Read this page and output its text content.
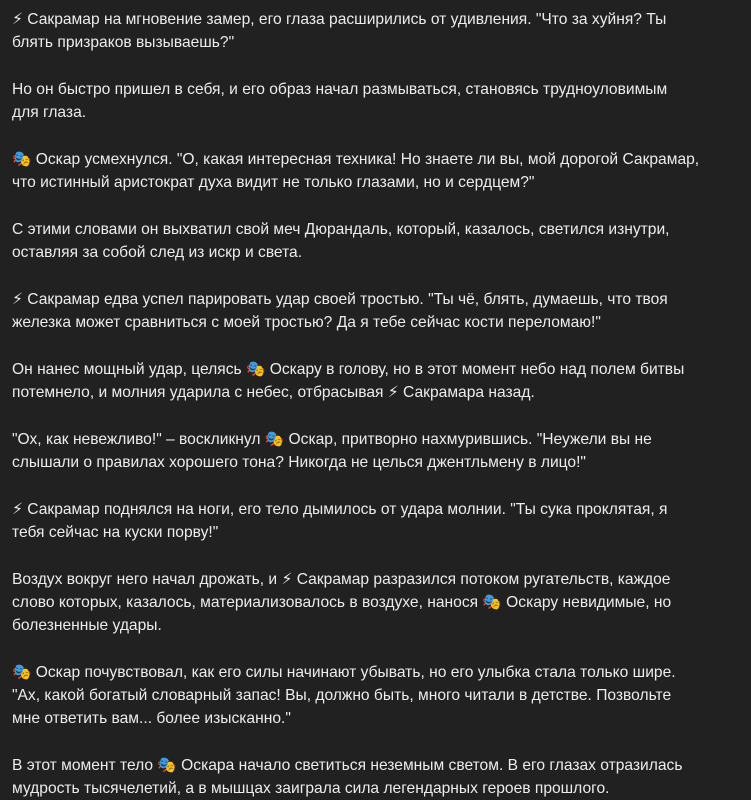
⚡ Сакрамар на мгновение замер, его глаза расширились от удивления. "Что за хуйня? Ты
блять призраков вызываешь?"

Но он быстро пришел в себя, и его образ начал размываться, становясь трудноуловимым
для глаза.

🎭 Оскар усмехнулся. "О, какая интересная техника! Но знаете ли вы, мой дорогой Сакрамар,
что истинный аристократ духа видит не только глазами, но и сердцем?"

С этими словами он выхватил свой меч Дюрандаль, который, казалось, светился изнутри,
оставляя за собой след из искр и света.

⚡ Сакрамар едва успел парировать удар своей тростью. "Ты чё, блять, думаешь, что твоя
железка может сравниться с моей тростью? Да я тебе сейчас кости переломаю!"

Он нанес мощный удар, целясь 🎭 Оскару в голову, но в этот момент небо над полем битвы
потемнело, и молния ударила с небес, отбрасывая ⚡ Сакрамара назад.

"Ох, как невежливо!" – воскликнул 🎭 Оскар, притворно нахмурившись. "Неужели вы не
слышали о правилах хорошего тона? Никогда не целься джентльмену в лицо!"

⚡ Сакрамар поднялся на ноги, его тело дымилось от удара молнии. "Ты сука проклятая, я
тебя сейчас на куски порву!"

Воздух вокруг него начал дрожать, и ⚡ Сакрамар разразился потоком ругательств, каждое
слово которых, казалось, материализовалось в воздухе, нанося 🎭 Оскару невидимые, но
болезненные удары.

🎭 Оскар почувствовал, как его силы начинают убывать, но его улыбка стала только шире.
"Ах, какой богатый словарный запас! Вы, должно быть, много читали в детстве. Позвольте
мне ответить вам... более изысканно."

В этот момент тело 🎭 Оскара начало светиться неземным светом. В его глазах отразилась
мудрость тысячелетий, а в мышцах заиграла сила легендарных героев прошлого.
